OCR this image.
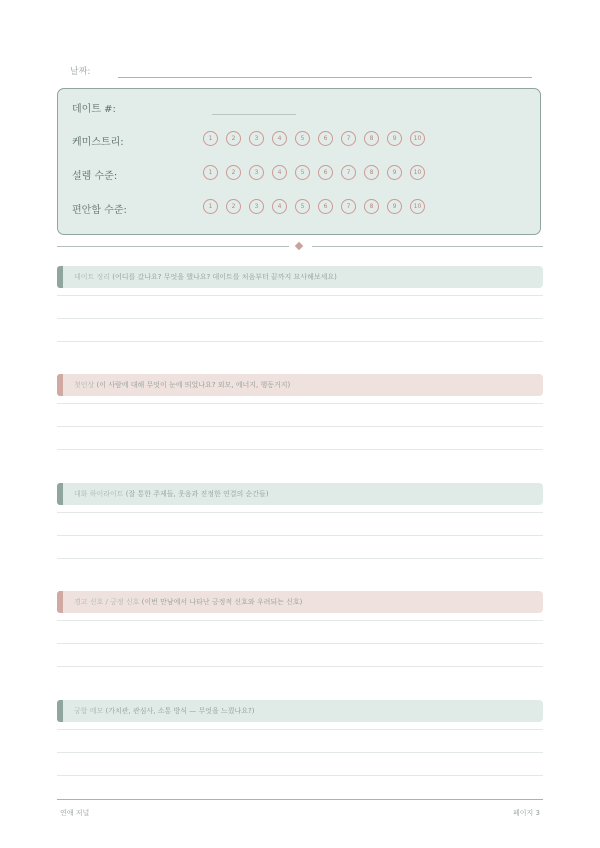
날짜:
데이트 #:
케미스트리:	1	2	3	4	5	6	7	8	9	10
설렘 수준:	1	2	3	4	5	6	7	8	9	10
편안함 수준:	1	2	3	4	5	6	7	8	9	10
데이트 정리 (어디를 갔나요? 무엇을 했나요? 데이트를 처음부터 끝까지 묘사해보세요)
첫인상 (이 사람에 대해 무엇이 눈에 띄었나요? 외모, 에너지, 행동거지)
대화 하이라이트 (잘 통한 주제들, 웃음과 진정한 연결의 순간들)
경고 신호 / 긍정 신호 (이번 만남에서 나타난 긍정적 신호와 우려되는 신호)
궁합 메모 (가치관, 관심사, 소통 방식 — 무엇을 느꼈나요?)
연애 저널	페이지 3
